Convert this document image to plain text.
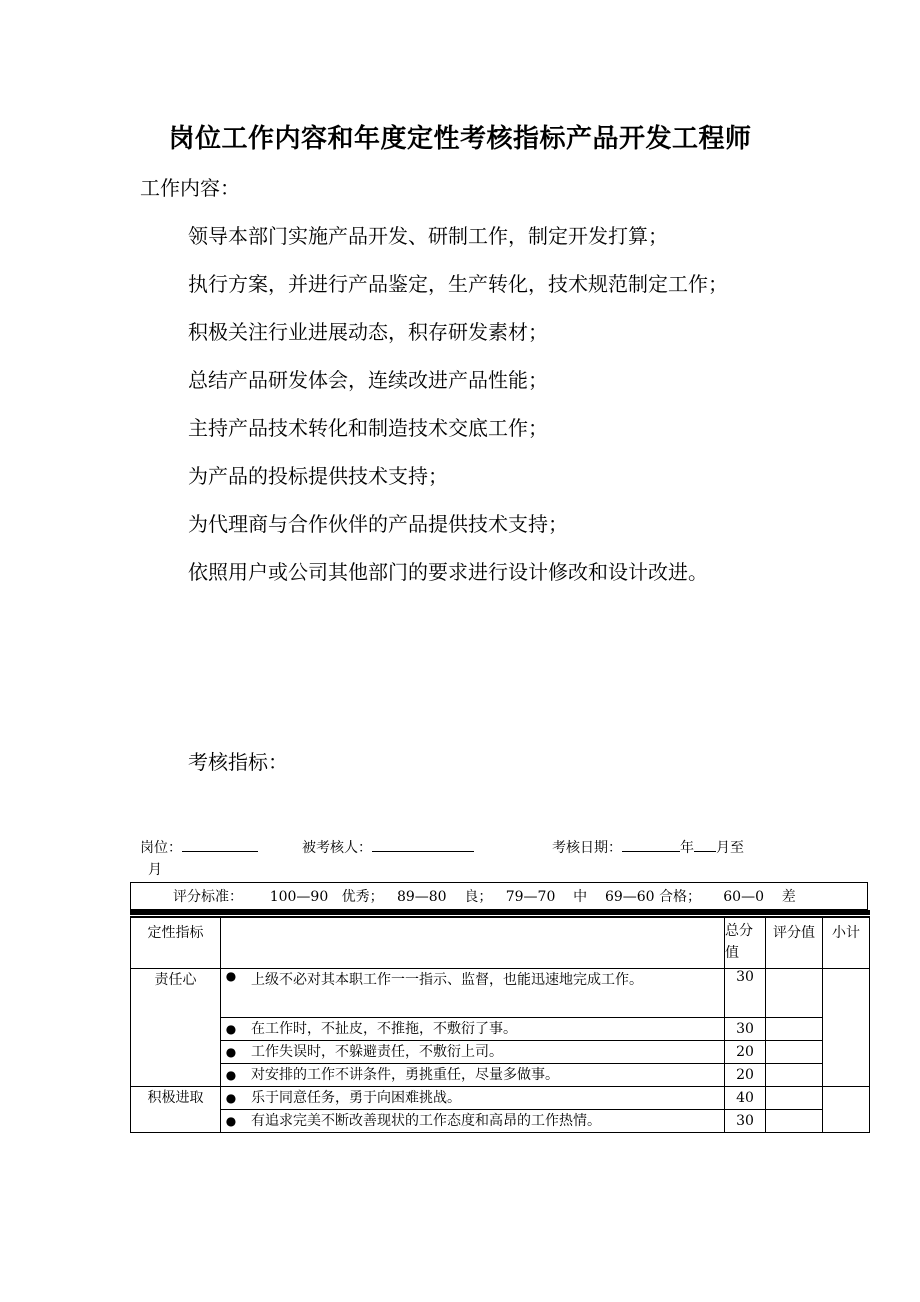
岗位工作内容和年度定性考核指标产品开发工程师
工作内容：
领导本部门实施产品开发、研制工作，制定开发打算；
执行方案，并进行产品鉴定，生产转化，技术规范制定工作；
积极关注行业进展动态，积存研发素材；
总结产品研发体会，连续改进产品性能；
主持产品技术转化和制造技术交底工作；
为产品的投标提供技术支持；
为代理商与合作伙伴的产品提供技术支持；
依照用户或公司其他部门的要求进行设计修改和设计改进。
考核指标：
岗位：	被考核人：	考核日期：	年 月至
月
评分标准：      100—90   优秀；   89—80    良；   79—70    中    69—60 合格；     60—0    差
定性指标			总分值	评分值	小计
责任心	●	上级不必对其本职工作一一指示、监督，也能迅速地完成工作。	30		
	●	在工作时，不扯皮，不推拖，不敷衍了事。	30		
	●	工作失误时，不躲避责任，不敷衍上司。	20		
	●	对安排的工作不讲条件，勇挑重任，尽量多做事。	20		
积极进取	●	乐于同意任务，勇于向困难挑战。	40		
	●	有追求完美不断改善现状的工作态度和高昂的工作热情。	30		
